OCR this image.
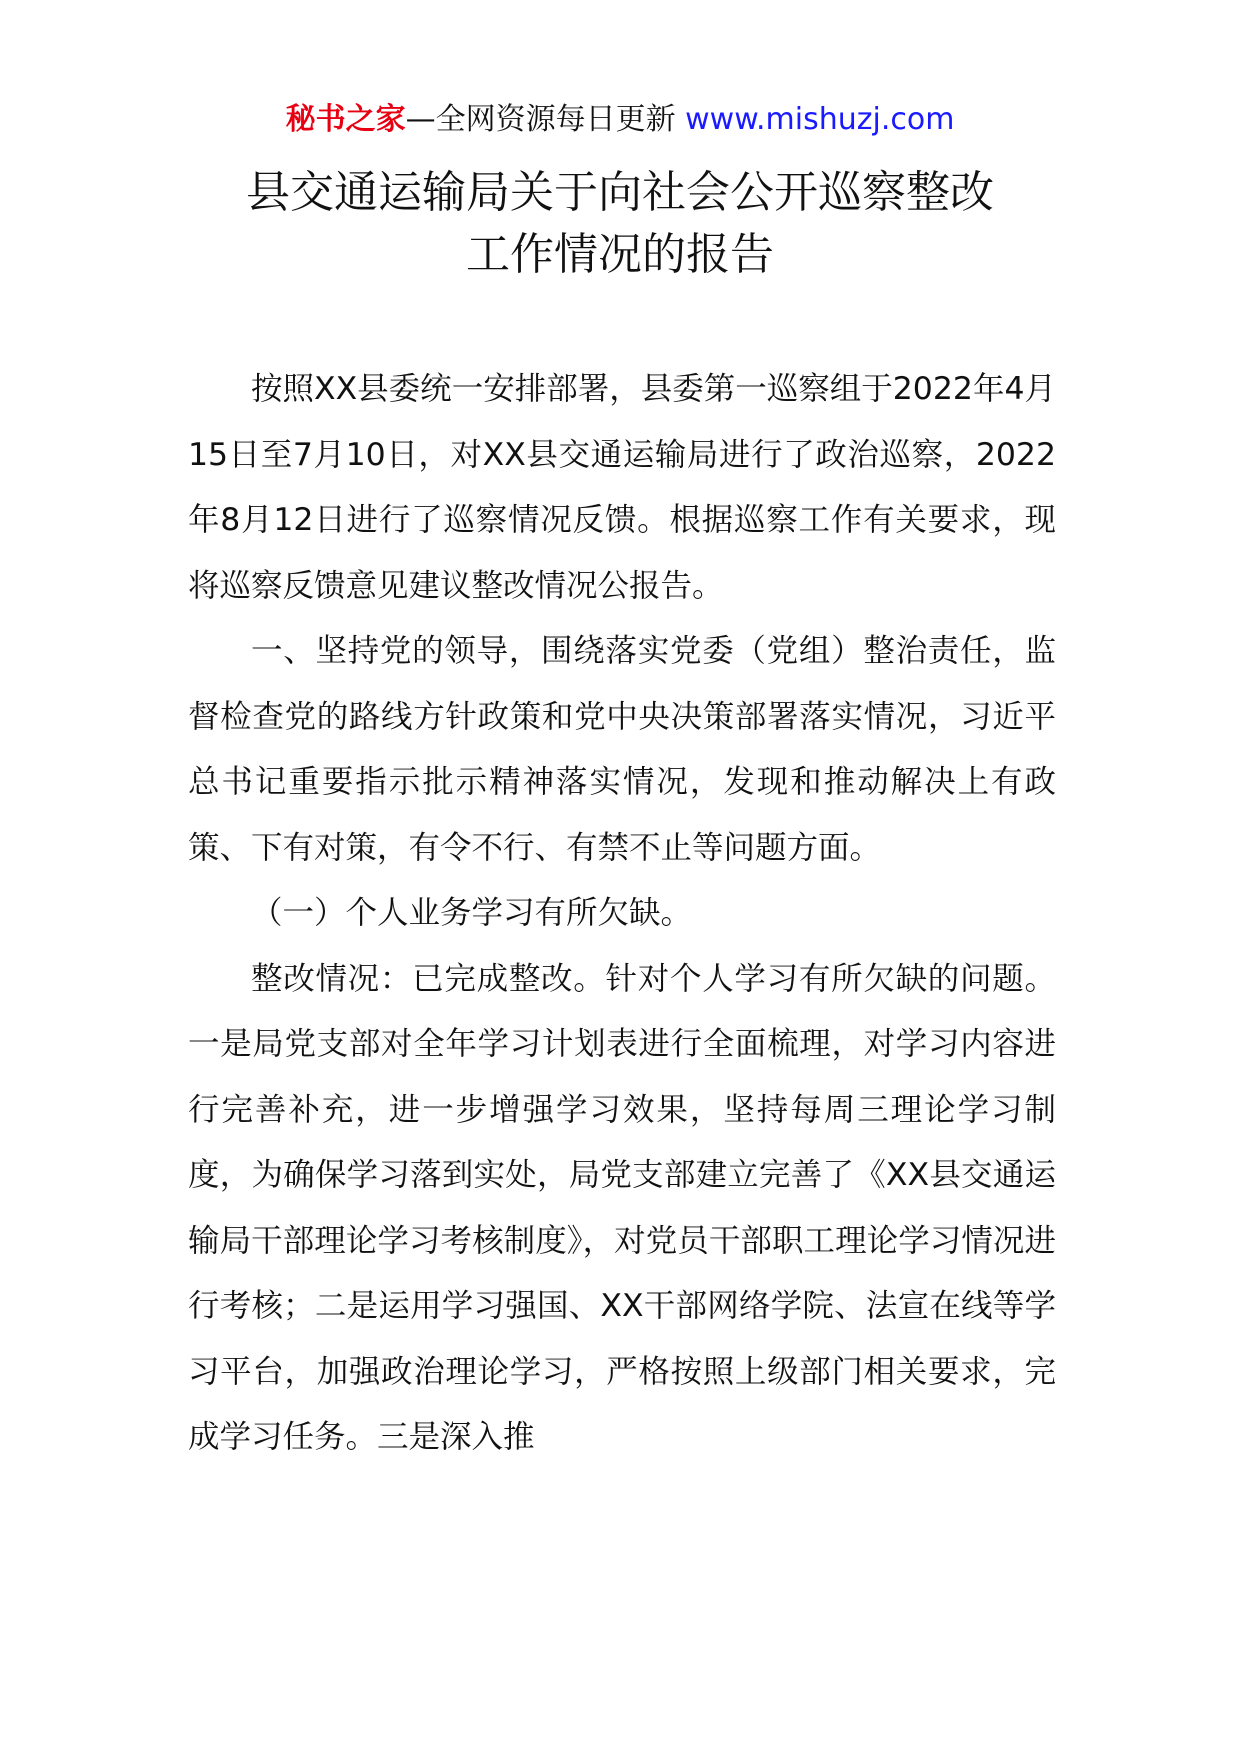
秘书之家—全网资源每日更新 www.mishuzj.com
县交通运输局关于向社会公开巡察整改
工作情况的报告

按照XX县委统一安排部署，县委第一巡察组于2022年4月15日至7月10日，对XX县交通运输局进行了政治巡察，2022年8月12日进行了巡察情况反馈。根据巡察工作有关要求，现将巡察反馈意见建议整改情况公报告。

一、坚持党的领导，围绕落实党委（党组）整治责任，监督检查党的路线方针政策和党中央决策部署落实情况，习近平总书记重要指示批示精神落实情况，发现和推动解决上有政策、下有对策，有令不行、有禁不止等问题方面。

（一）个人业务学习有所欠缺。

整改情况：已完成整改。针对个人学习有所欠缺的问题。一是局党支部对全年学习计划表进行全面梳理，对学习内容进行完善补充，进一步增强学习效果，坚持每周三理论学习制度，为确保学习落到实处，局党支部建立完善了《XX县交通运输局干部理论学习考核制度》，对党员干部职工理论学习情况进行考核；二是运用学习强国、XX干部网络学院、法宣在线等学习平台，加强政治理论学习，严格按照上级部门相关要求，完成学习任务。三是深入推
